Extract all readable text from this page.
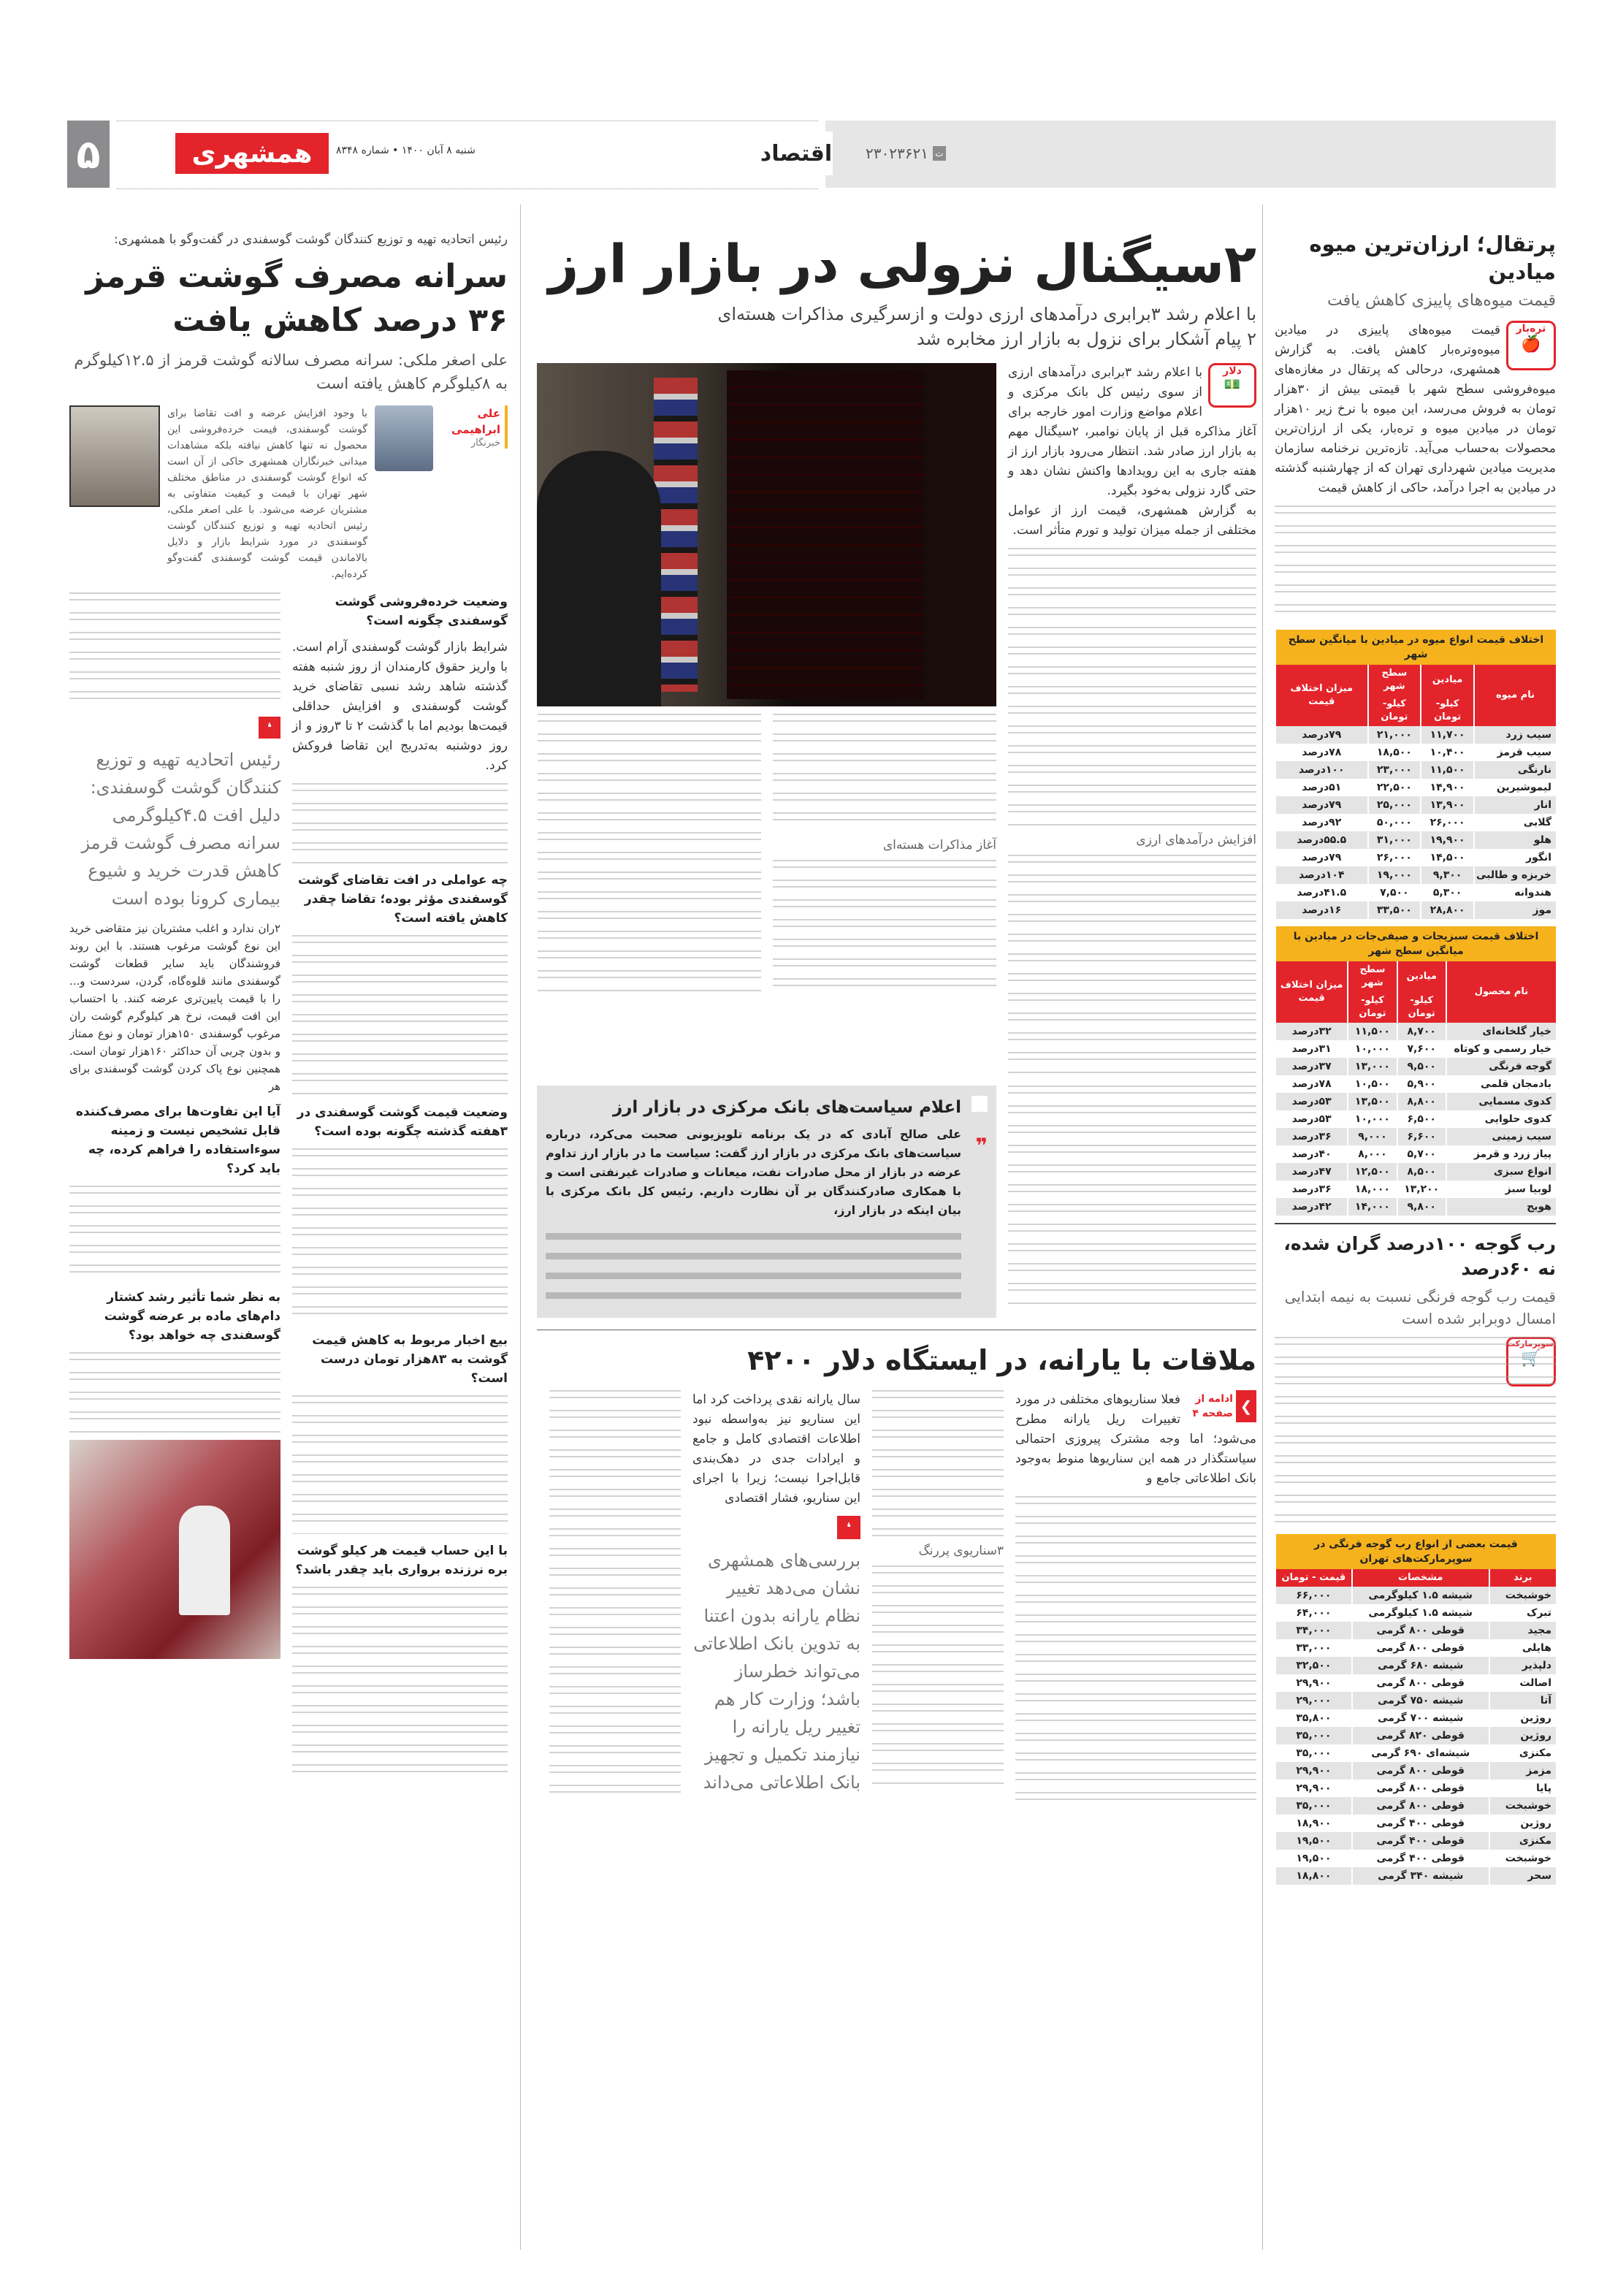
۵	همشهری	شنبه ۸ آبان ۱۴۰۰ • شماره ۸۳۴۸	اقتصاد	ت
۲۳۰۲۳۶۲۱
پرتقال؛ ارزان‌ترین میوه میادین
قیمت میوه‌های پاییزی کاهش یافت
تره‌بار
🍎

قیمت میوه‌های پاییزی در میادین میوه‌وتره‌بار کاهش یافت. به گزارش همشهری، درحالی که پرتقال در مغازه‌های میوه‌فروشی سطح شهر با قیمتی بیش از ۳۰هزار تومان به فروش می‌رسد، این میوه با نرخ زیر ۱۰هزار تومان در میادین میوه و تره‌بار، یکی از ارزان‌ترین محصولات به‌حساب می‌آید. تازه‌ترین نرخنامه سازمان مدیریت میادین شهرداری تهران که از چهارشنبه گذشته در میادین به اجرا درآمد، حاکی از کاهش قیمت

اختلاف قیمت انواع میوه در میادین با میانگین سطح شهر			
نام میوه	میادین	سطح شهر	میزان اختلاف قیمت
	کیلو-تومان	کیلو-تومان	
سیب زرد	۱۱,۷۰۰	۲۱,۰۰۰	۷۹درصد
سیب قرمز	۱۰,۴۰۰	۱۸,۵۰۰	۷۸درصد
نارنگی	۱۱,۵۰۰	۲۳,۰۰۰	۱۰۰درصد
لیموشیرین	۱۴,۹۰۰	۲۲,۵۰۰	۵۱درصد
انار	۱۳,۹۰۰	۲۵,۰۰۰	۷۹درصد
گلابی	۲۶,۰۰۰	۵۰,۰۰۰	۹۲درصد
هلو	۱۹,۹۰۰	۳۱,۰۰۰	۵۵.۵درصد
انگور	۱۴,۵۰۰	۲۶,۰۰۰	۷۹درصد
خربزه و طالبی	۹,۳۰۰	۱۹,۰۰۰	۱۰۴درصد
هندوانه	۵,۳۰۰	۷,۵۰۰	۴۱.۵درصد
موز	۲۸,۸۰۰	۳۳,۵۰۰	۱۶درصد
اختلاف قیمت سبزیجات و صیفی‌جات در میادین با میانگین سطح شهر			
نام محصول	میادین	سطح شهر	میزان اختلاف قیمت
	کیلو-تومان	کیلو-تومان	
خیار گلخانه‌ای	۸,۷۰۰	۱۱,۵۰۰	۳۲درصد
خیار رسمی و کوتاه	۷,۶۰۰	۱۰,۰۰۰	۳۱درصد
گوجه فرنگی	۹,۵۰۰	۱۳,۰۰۰	۳۷درصد
بادمجان قلمی	۵,۹۰۰	۱۰,۵۰۰	۷۸درصد
کدوی مسمایی	۸,۸۰۰	۱۳,۵۰۰	۵۳درصد
کدوی حلوایی	۶,۵۰۰	۱۰,۰۰۰	۵۳درصد
سیب زمینی	۶,۶۰۰	۹,۰۰۰	۳۶درصد
پیاز زرد و قرمز	۵,۷۰۰	۸,۰۰۰	۴۰درصد
انواع سبزی	۸,۵۰۰	۱۲,۵۰۰	۴۷درصد
لوبیا سبز	۱۳,۲۰۰	۱۸,۰۰۰	۳۶درصد
هویج	۹,۸۰۰	۱۴,۰۰۰	۴۲درصد
رب گوجه ۱۰۰درصد گران شده، نه ۶۰درصد
قیمت رب گوجه فرنگی نسبت به نیمه ابتدایی امسال دوبرابر شده است
سوپرمارکت
🛒
قیمت بعضی از انواع رب گوجه فرنگی در سوپرمارکت‌های تهران		
برند	مشخصات	قیمت - تومان
خوشبخت	شیشه ۱.۵ کیلوگرمی	۶۶,۰۰۰
تبرک	شیشه ۱.۵ کیلوگرمی	۶۴,۰۰۰
مجید	قوطی ۸۰۰ گرمی	۳۴,۰۰۰
هایلی	قوطی ۸۰۰ گرمی	۳۳,۰۰۰
دلپذیر	شیشه ۶۸۰ گرمی	۳۲,۵۰۰
اصالت	قوطی ۸۰۰ گرمی	۲۹,۹۰۰
آتا	شیشه ۷۵۰ گرمی	۲۹,۰۰۰
روژین	شیشه ۷۰۰ گرمی	۳۵,۸۰۰
روژین	قوطی ۸۲۰ گرمی	۳۵,۰۰۰
مکنزی	شیشه‌ای ۶۹۰ گرمی	۳۵,۰۰۰
مزمز	قوطی ۸۰۰ گرمی	۲۹,۹۰۰
پایا	قوطی ۸۰۰ گرمی	۲۹,۹۰۰
خوشبخت	قوطی ۸۰۰ گرمی	۳۵,۰۰۰
روژین	قوطی ۴۰۰ گرمی	۱۸,۹۰۰
مکنزی	قوطی ۴۰۰ گرمی	۱۹,۵۰۰
خوشبخت	قوطی ۴۰۰ گرمی	۱۹,۵۰۰
سحر	شیشه ۳۴۰ گرمی	۱۸,۸۰۰
۲سیگنال نزولی در بازار ارز
با اعلام رشد ۳برابری درآمدهای ارزی دولت و ازسرگیری مذاکرات هسته‌ای
۲ پیام آشکار برای نزول به بازار ارز مخابره شد
دلار
💵

با اعلام رشد ۳برابری درآمدهای ارزی از سوی رئیس کل بانک مرکزی و اعلام مواضع وزارت امور خارجه برای آغاز مذاکره قبل از پایان نوامبر، ۲سیگنال مهم به بازار ارز صادر شد. انتظار می‌رود بازار ارز از هفته جاری به این رویدادها واکنش نشان دهد و حتی گارد نزولی به‌خود بگیرد.

به گزارش همشهری، قیمت ارز از عوامل مختلفی از جمله میزان تولید و تورم متأثر است.

افزایش درآمدهای ارزی
آغاز مذاکرات هسته‌ای
❞
اعلام سیاست‌های بانک مرکزی در بازار ارز

علی صالح آبادی که در یک برنامه تلویزیونی صحبت می‌کرد، درباره سیاست‌های بانک مرکزی در بازار ارز گفت: سیاست ما در بازار ارز تداوم عرضه در بازار از محل صادرات نفت، میعانات و صادرات غیرنفتی است و با همکاری صادرکنندگان بر آن نظارت داریم. رئیس کل بانک مرکزی با بیان اینکه در بازار ارز،

ملاقات با یارانه، در ایستگاه دلار ۴۲۰۰
❯
ادامه از صفحه ۴

فعلا سناریوهای مختلفی در مورد تغییرات ریل یارانه مطرح می‌شود؛ اما وجه مشترک پیروزی احتمالی سیاستگذار در همه این سناریوها منوط به‌وجود بانک اطلاعاتی جامع و

۳سناریوی پررنگ

سال یارانه نقدی پرداخت کرد اما این سناریو نیز به‌واسطه نبود اطلاعات اقتصادی کامل و جامع و ایرادات جدی در دهک‌بندی قابل‌اجرا نیست؛ زیرا با اجرای این سناریو، فشار اقتصادی

❛
بررسی‌های همشهری نشان می‌دهد تغییر نظام یارانه بدون اعتنا به تدوین بانک اطلاعاتی می‌تواند خطرساز باشد؛ وزارت کار هم تغییر ریل یارانه را نیازمند تکمیل و تجهیز بانک اطلاعاتی می‌داند
رئیس اتحادیه تهیه و توزیع کنندگان گوشت گوسفندی در گفت‌وگو با همشهری:
سرانه مصرف گوشت قرمز
۳۶ درصد کاهش یافت
علی اصغر ملکی: سرانه مصرف سالانه گوشت قرمز از ۱۲.۵کیلوگرم به ۸کیلوگرم کاهش یافته است
علی ابراهیمی
خبرنگار

با وجود افزایش عرضه و افت تقاضا برای گوشت گوسفندی، قیمت خرده‌فروشی این محصول نه تنها کاهش نیافته بلکه مشاهدات میدانی خبرنگاران همشهری حاکی از آن است که انواع گوشت گوسفندی در مناطق مختلف شهر تهران با قیمت و کیفیت متفاوتی به مشتریان عرضه می‌شود. با علی اصغر ملکی، رئیس اتحادیه تهیه و توزیع کنندگان گوشت گوسفندی در مورد شرایط بازار و دلایل بالاماندن قیمت گوشت گوسفندی گفت‌وگو کرده‌ایم.

وضعیت خرده‌فروشی گوشت گوسفندی چگونه است؟

شرایط بازار گوشت گوسفندی آرام است. با واریز حقوق کارمندان از روز شنبه هفته گذشته شاهد رشد نسبی تقاضای خرید گوشت گوسفندی و افزایش حداقلی قیمت‌ها بودیم اما با گذشت ۲ تا ۳روز و از روز دوشنبه به‌تدریج این تقاضا فروکش کرد.

چه عواملی در افت تقاضای گوشت گوسفندی مؤثر بوده؛ تقاضا چقدر کاهش یافته است؟
وضعیت قیمت گوشت گوسفندی در ۳هفته گذشته چگونه بوده است؟
بیع اخبار مربوط به کاهش قیمت گوشت به ۸۳هزار تومان درست است؟
با این حساب قیمت هر کیلو گوشت بره نرزنده برواری باید چقدر باشد؟
❛
رئیس اتحادیه تهیه و توزیع کنندگان گوشت گوسفندی: دلیل افت ۴.۵کیلوگرمی سرانه مصرف گوشت قرمز کاهش قدرت خرید و شیوع بیماری کرونا بوده است

۲ران ندارد و اغلب مشتریان نیز متقاضی خرید این نوع گوشت مرغوب هستند. با این روند فروشندگان باید سایر قطعات گوشت گوسفندی مانند قلوه‌گاه، گردن، سردست و... را با قیمت پایین‌تری عرضه کنند. با احتساب این افت قیمت، نرخ هر کیلوگرم گوشت ران مرغوب گوسفندی ۱۵۰هزار تومان و نوع ممتاز و بدون چربی آن حداکثر ۱۶۰هزار تومان است. همچنین نوع پاک کردن گوشت گوسفندی برای هر

آیا این تفاوت‌ها برای مصرف‌کننده قابل تشخیص نیست و زمینه سوءاستفاده را فراهم کرده، چه باید کرد؟
به نظر شما تأثیر رشد کشتار دام‌های ماده بر عرضه گوشت گوسفندی چه خواهد بود؟
